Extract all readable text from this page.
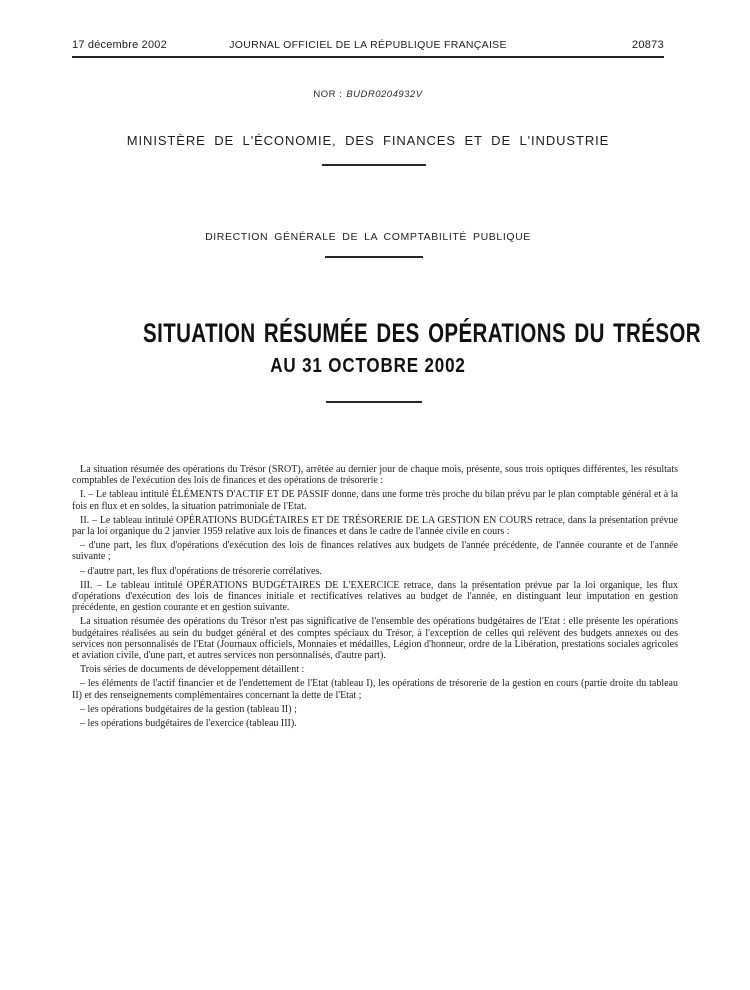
17 décembre 2002	JOURNAL OFFICIEL DE LA RÉPUBLIQUE FRANÇAISE	20873
NOR : BUDR0204932V
MINISTÈRE DE L'ÉCONOMIE, DES FINANCES ET DE L'INDUSTRIE
DIRECTION GÉNÉRALE DE LA COMPTABILITÉ PUBLIQUE
SITUATION RÉSUMÉE DES OPÉRATIONS DU TRÉSOR
AU 31 OCTOBRE 2002

La situation résumée des opérations du Trésor (SROT), arrêtée au dernier jour de chaque mois, présente, sous trois optiques différentes, les résultats comptables de l'exécution des lois de finances et des opérations de trésorerie :

I. – Le tableau intitulé ÉLÉMENTS D'ACTIF ET DE PASSIF donne, dans une forme très proche du bilan prévu par le plan comptable général et à la fois en flux et en soldes, la situation patrimoniale de l'Etat.

II. – Le tableau intitulé OPÉRATIONS BUDGÉTAIRES ET DE TRÉSORERIE DE LA GESTION EN COURS retrace, dans la présentation prévue par la loi organique du 2 janvier 1959 relative aux lois de finances et dans le cadre de l'année civile en cours :

– d'une part, les flux d'opérations d'exécution des lois de finances relatives aux budgets de l'année précédente, de l'année courante et de l'année suivante ;

– d'autre part, les flux d'opérations de trésorerie corrélatives.

III. – Le tableau intitulé OPÉRATIONS BUDGÉTAIRES DE L'EXERCICE retrace, dans la présentation prévue par la loi organique, les flux d'opérations d'exécution des lois de finances initiale et rectificatives relatives au budget de l'année, en distinguant leur imputation en gestion précédente, en gestion courante et en gestion suivante.

La situation résumée des opérations du Trésor n'est pas significative de l'ensemble des opérations budgétaires de l'Etat : elle présente les opérations budgétaires réalisées au sein du budget général et des comptes spéciaux du Trésor, à l'exception de celles qui relèvent des budgets annexes ou des services non personnalisés de l'Etat (Journaux officiels, Monnaies et médailles, Légion d'honneur, ordre de la Libération, prestations sociales agricoles et aviation civile, d'une part, et autres services non personnalisés, d'autre part).

Trois séries de documents de développement détaillent :

– les éléments de l'actif financier et de l'endettement de l'Etat (tableau I), les opérations de trésorerie de la gestion en cours (partie droite du tableau II) et des renseignements complémentaires concernant la dette de l'Etat ;

– les opérations budgétaires de la gestion (tableau II) ;

– les opérations budgétaires de l'exercice (tableau III).
